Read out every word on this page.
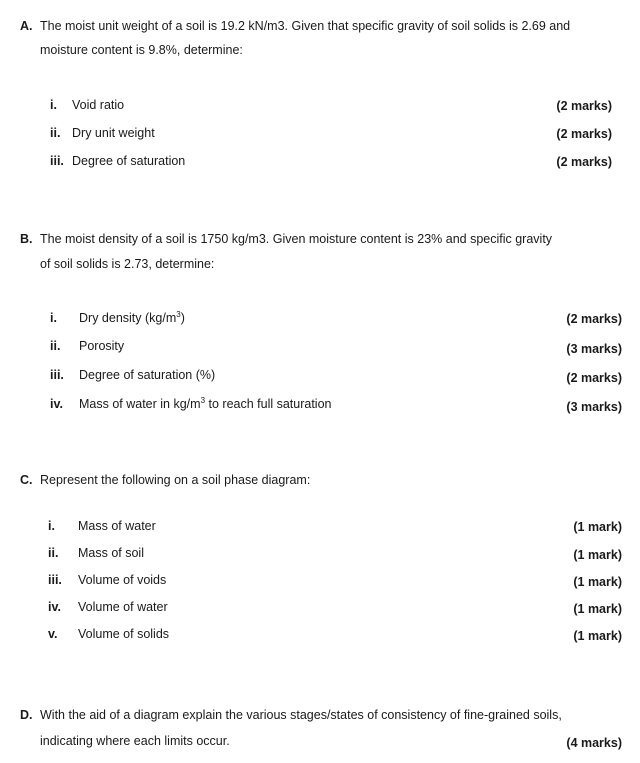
A. The moist unit weight of a soil is 19.2 kN/m3. Given that specific gravity of soil solids is 2.69 and
moisture content is 9.8%, determine:
i. Void ratio	(2 marks)
ii. Dry unit weight	(2 marks)
iii. Degree of saturation	(2 marks)
B. The moist density of a soil is 1750 kg/m3. Given moisture content is 23% and specific gravity
of soil solids is 2.73, determine:
i. Dry density $(kg/m^3)$	(2 marks)
ii. Porosity	(3 marks)
iii. Degree of saturation (%)	(2 marks)
iv. Mass of water in $kg/m^3$ to reach full saturation	(3 marks)
C. Represent the following on a soil phase diagram:
i. Mass of water	(1 mark)
ii. Mass of soil	(1 mark)
iii. Volume of voids	(1 mark)
iv. Volume of water	(1 mark)
v. Volume of solids	(1 mark)
D. With the aid of a diagram explain the various stages/states of consistency of fine-grained soils,
indicating where each limits occur.	(4 marks)
